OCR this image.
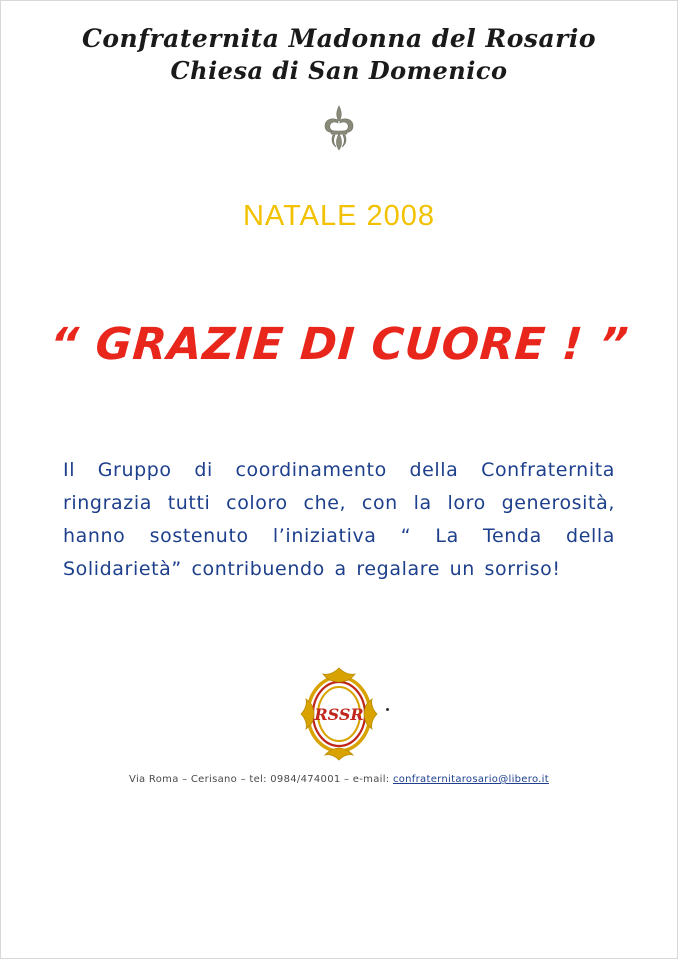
Confraternita Madonna del Rosario
Chiesa di San Domenico
NATALE 2008
“ GRAZIE DI CUORE ! ”
Il Gruppo di coordinamento della Confraternita ringrazia tutti coloro che, con la loro generosità, hanno sostenuto l’iniziativa “ La Tenda della Solidarietà” contribuendo a regalare un sorriso!
RSSR
Via Roma – Cerisano – tel: 0984/474001 – e-mail: confraternitarosario@libero.it
